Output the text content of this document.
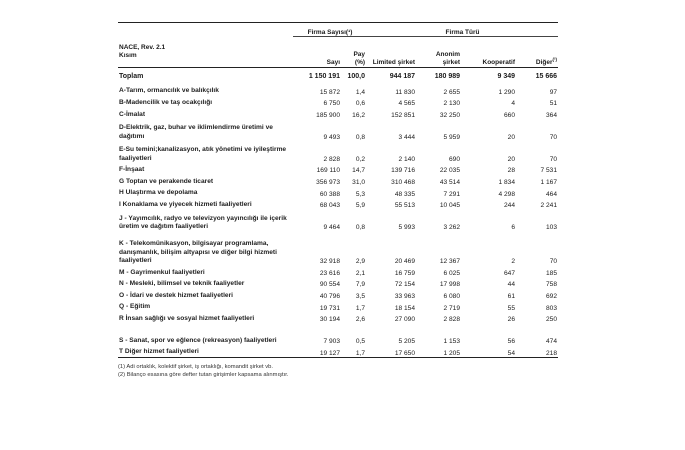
	Firma Sayısı(¹)		Firma Türü			

NACE, Rev. 2.1
Kısım	Sayı	Pay (%)	Limited şirket	Anonim şirket	Kooperatif	Diğer$^{(^2)}$
Toplam	1 150 191	100,0	944 187	180 989	9 349	15 666
A-Tarım, ormancılık ve balıkçılık	15 872	1,4	11 830	2 655	1 290	97
B-Madencilik ve taş ocakçılığı	6 750	0,6	4 565	2 130	4	51
C-İmalat	185 900	16,2	152 851	32 250	660	364
D-Elektrik, gaz, buhar ve iklimlendirme üretimi ve dağıtımı	9 493	0,8	3 444	5 959	20	70
E-Su temini;kanalizasyon, atık yönetimi ve iyileştirme faaliyetleri	2 828	0,2	2 140	690	20	70
F-İnşaat	169 110	14,7	139 716	22 035	28	7 531
G Toptan ve perakende ticaret	356 973	31,0	310 468	43 514	1 834	1 167
H Ulaştırma ve depolama	60 388	5,3	48 335	7 291	4 298	464
I Konaklama ve yiyecek hizmeti faaliyetleri	68 043	5,9	55 513	10 045	244	2 241
J - Yayımcılık, radyo ve televizyon yayıncılığı ile içerik üretim ve dağıtım faaliyetleri	9 464	0,8	5 993	3 262	6	103
K - Telekomünikasyon, bilgisayar programlama, danışmanlık, bilişim altyapısı ve diğer bilgi hizmeti faaliyetleri	32 918	2,9	20 469	12 367	2	70
M - Gayrimenkul faaliyetleri	23 616	2,1	16 759	6 025	647	185
N - Mesleki, bilimsel ve teknik faaliyetler	90 554	7,9	72 154	17 998	44	758
O - İdari ve destek hizmet faaliyetleri	40 796	3,5	33 963	6 080	61	692
Q - Eğitim	19 731	1,7	18 154	2 719	55	803
R İnsan sağlığı ve sosyal hizmet faaliyetleri	30 194	2,6	27 090	2 828	26	250
S - Sanat, spor ve eğlence (rekreasyon) faaliyetleri	7 903	0,5	5 205	1 153	56	474
T Diğer hizmet faaliyetleri	19 127	1,7	17 650	1 205	54	218
(1) Adi ortaklık, kolektif şirket, iş ortaklığı, komandit şirket vb.
(2) Bilanço esasına göre defter tutan girişimler kapsama alınmıştır.
